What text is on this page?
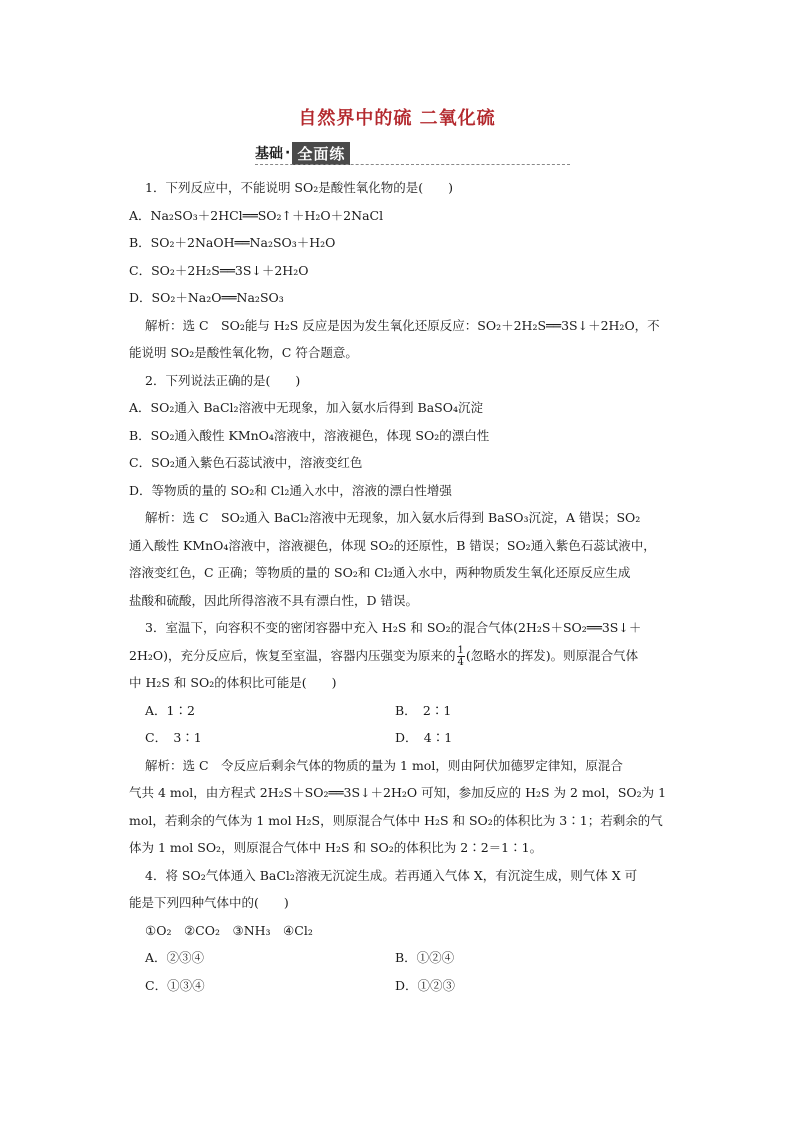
自然界中的硫 二氧化硫
基础 · 全面练

1．下列反应中，不能说明 SO₂是酸性氧化物的是(　　)

A．Na₂SO₃＋2HCl══SO₂↑＋H₂O＋2NaCl

B．SO₂＋2NaOH══Na₂SO₃＋H₂O

C．SO₂＋2H₂S══3S↓＋2H₂O

D．SO₂＋Na₂O══Na₂SO₃

解析：选 C　SO₂能与 H₂S 反应是因为发生氧化还原反应：SO₂＋2H₂S══3S↓＋2H₂O，不

能说明 SO₂是酸性氧化物，C 符合题意。

2．下列说法正确的是(　　)

A．SO₂通入 BaCl₂溶液中无现象，加入氨水后得到 BaSO₄沉淀

B．SO₂通入酸性 KMnO₄溶液中，溶液褪色，体现 SO₂的漂白性

C．SO₂通入紫色石蕊试液中，溶液变红色

D．等物质的量的 SO₂和 Cl₂通入水中，溶液的漂白性增强

解析：选 C　SO₂通入 BaCl₂溶液中无现象，加入氨水后得到 BaSO₃沉淀，A 错误；SO₂

通入酸性 KMnO₄溶液中，溶液褪色，体现 SO₂的还原性，B 错误；SO₂通入紫色石蕊试液中，

溶液变红色，C 正确；等物质的量的 SO₂和 Cl₂通入水中，两种物质发生氧化还原反应生成

盐酸和硫酸，因此所得溶液不具有漂白性，D 错误。

3．室温下，向容积不变的密闭容器中充入 H₂S 和 SO₂的混合气体(2H₂S＋SO₂══3S↓＋

2H₂O)，充分反应后，恢复至室温，容器内压强变为原来的 $\frac{1}{4}$ (忽略水的挥发)。则原混合气体

中 H₂S 和 SO₂的体积比可能是(　　)

A．1∶2	B．　2∶1
C．　3∶1	D．　4∶1

解析：选 C　令反应后剩余气体的物质的量为 1 mol，则由阿伏加德罗定律知，原混合

气共 4 mol，由方程式 2H₂S＋SO₂══3S↓＋2H₂O 可知，参加反应的 H₂S 为 2 mol，SO₂为 1

mol，若剩余的气体为 1 mol H₂S，则原混合气体中 H₂S 和 SO₂的体积比为 3∶1；若剩余的气

体为 1 mol SO₂，则原混合气体中 H₂S 和 SO₂的体积比为 2∶2＝1∶1。

4．将 SO₂气体通入 BaCl₂溶液无沉淀生成。若再通入气体 X，有沉淀生成，则气体 X 可

能是下列四种气体中的(　　)

①O₂　②CO₂　③NH₃　④Cl₂

A．②③④	B．①②④
C．①③④	D．①②③
